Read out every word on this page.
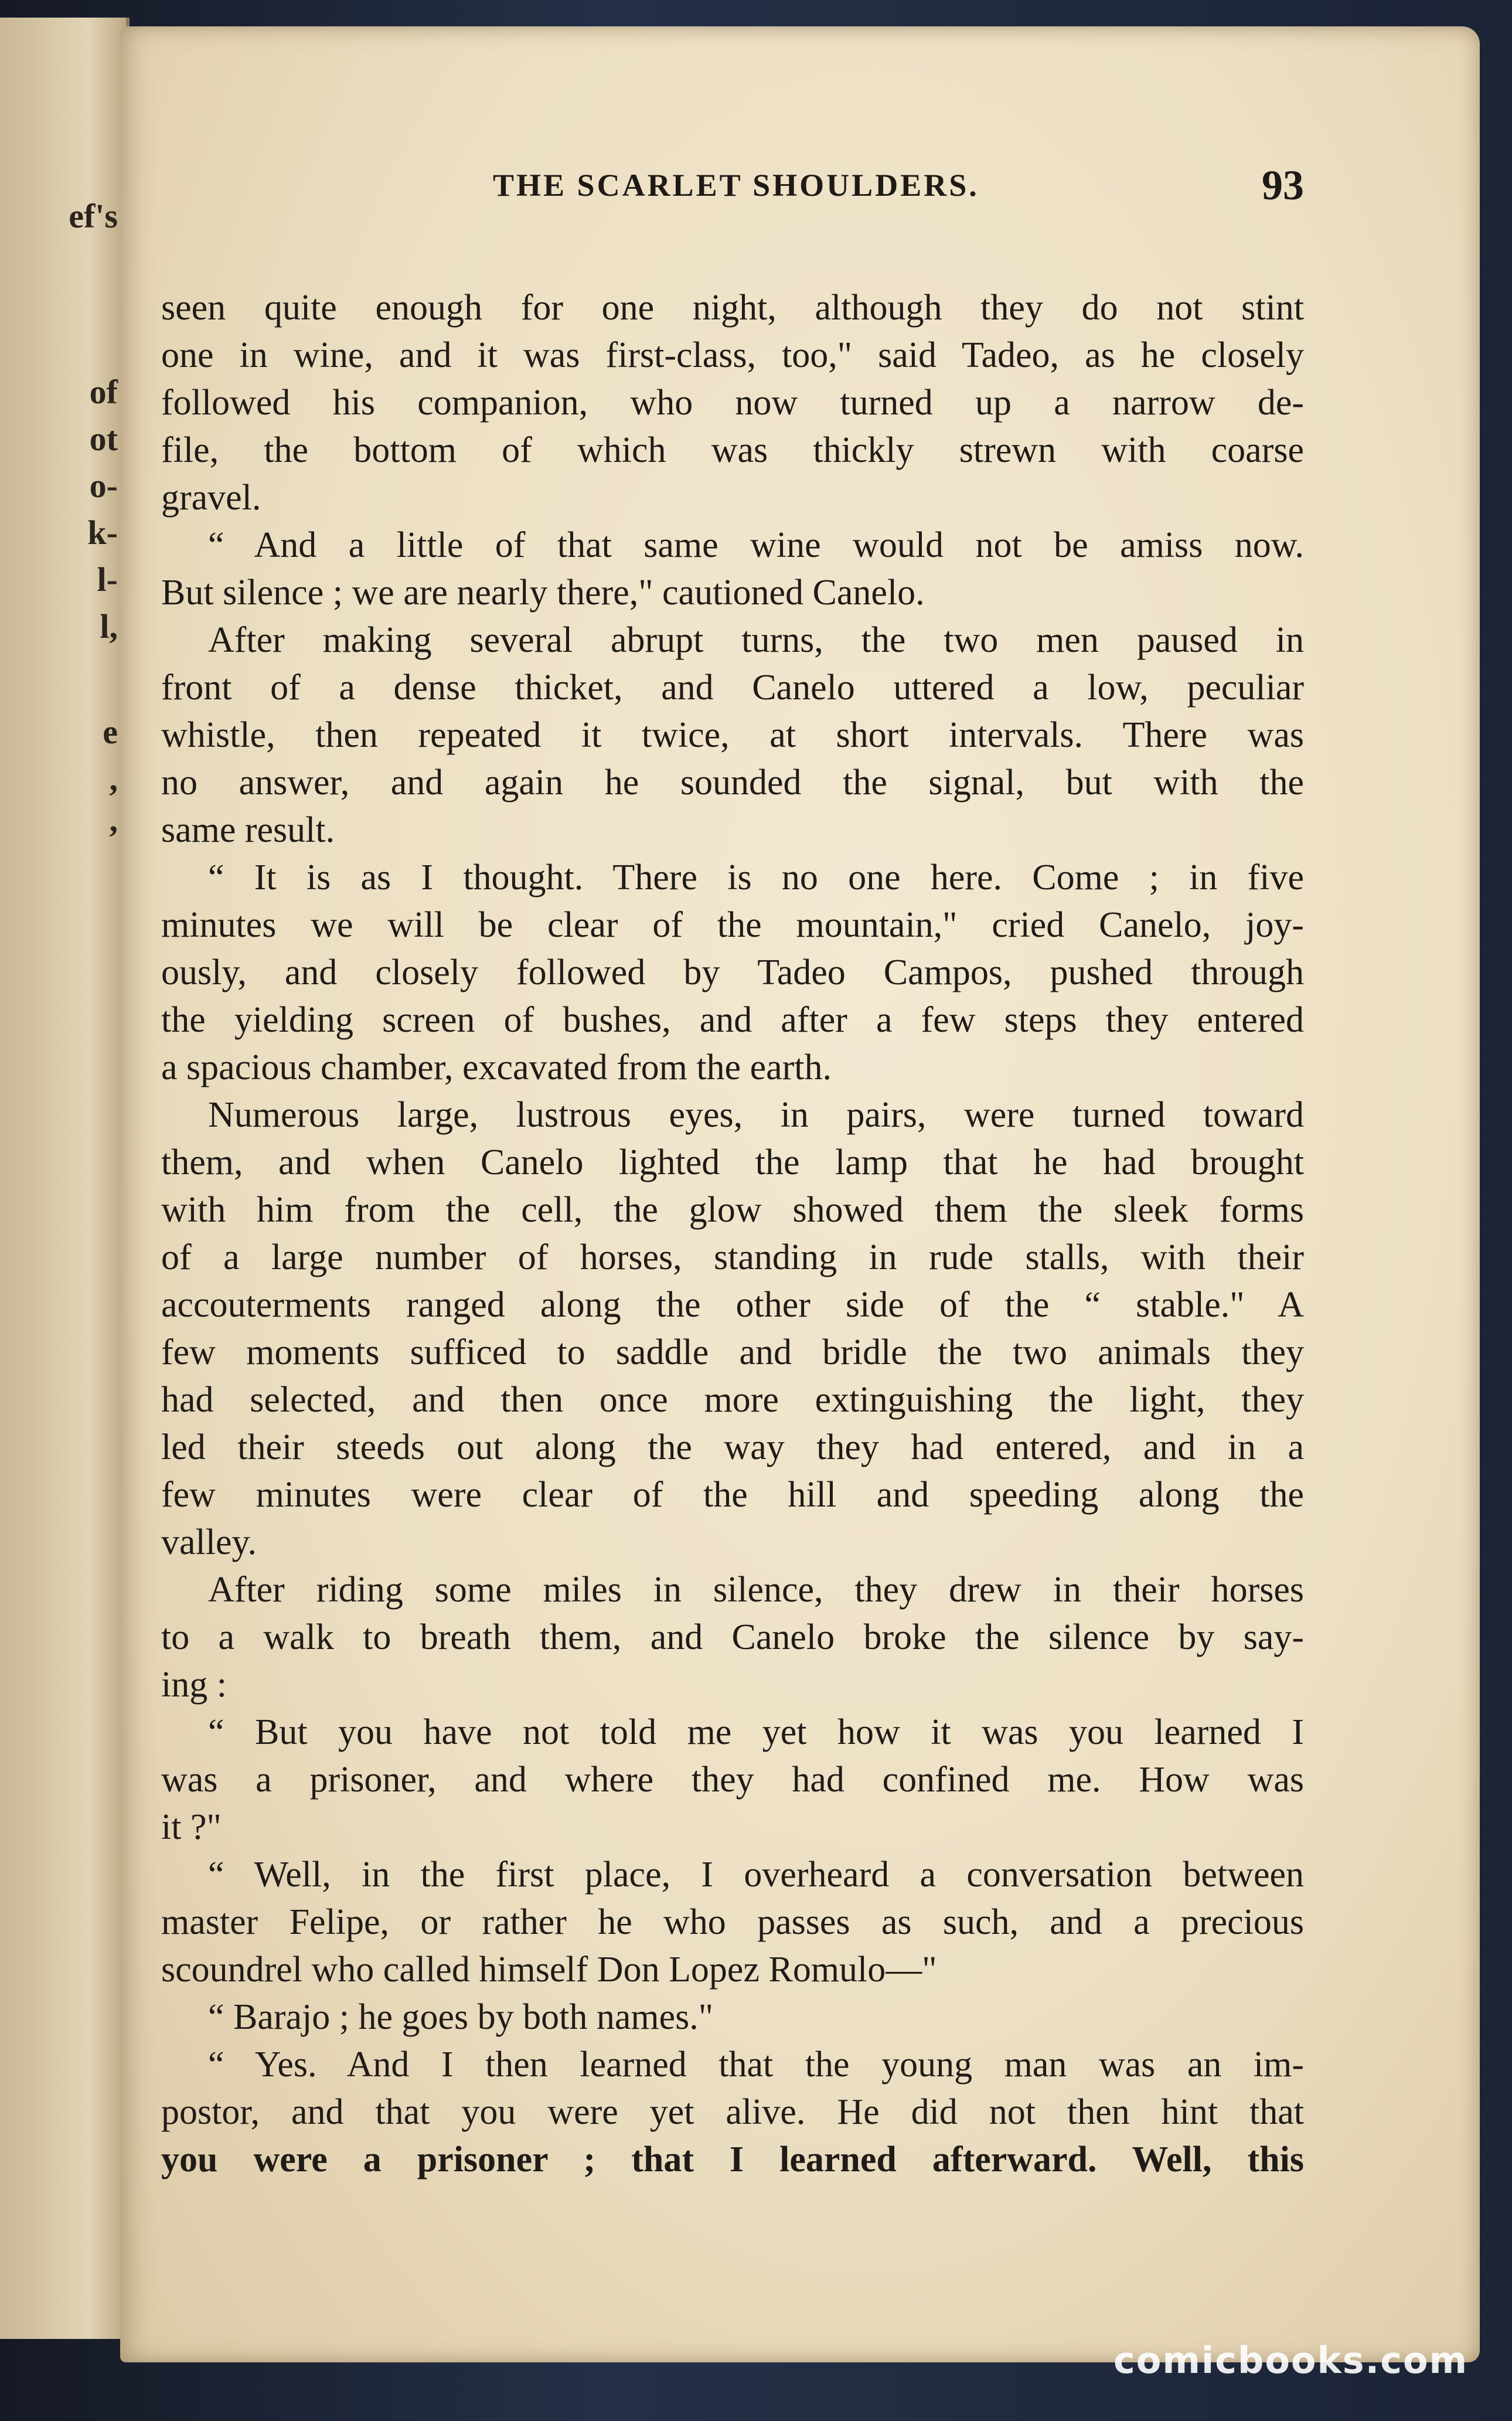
ef's
of
ot
o-
k-
l-
l,
e
,
,
THE SCARLET SHOULDERS.	93
seen quite enough for one night, although they do not stint
one in wine, and it was first-class, too," said Tadeo, as he closely
followed his companion, who now turned up a narrow de-
file, the bottom of which was thickly strewn with coarse
gravel.
“ And a little of that same wine would not be amiss now.
But silence ; we are nearly there," cautioned Canelo.
After making several abrupt turns, the two men paused in
front of a dense thicket, and Canelo uttered a low, peculiar
whistle, then repeated it twice, at short intervals. There was
no answer, and again he sounded the signal, but with the
same result.
“ It is as I thought. There is no one here. Come ; in five
minutes we will be clear of the mountain," cried Canelo, joy-
ously, and closely followed by Tadeo Campos, pushed through
the yielding screen of bushes, and after a few steps they entered
a spacious chamber, excavated from the earth.
Numerous large, lustrous eyes, in pairs, were turned toward
them, and when Canelo lighted the lamp that he had brought
with him from the cell, the glow showed them the sleek forms
of a large number of horses, standing in rude stalls, with their
accouterments ranged along the other side of the “ stable." A
few moments sufficed to saddle and bridle the two animals they
had selected, and then once more extinguishing the light, they
led their steeds out along the way they had entered, and in a
few minutes were clear of the hill and speeding along the
valley.
After riding some miles in silence, they drew in their horses
to a walk to breath them, and Canelo broke the silence by say-
ing :
“ But you have not told me yet how it was you learned I
was a prisoner, and where they had confined me. How was
it ?"
“ Well, in the first place, I overheard a conversation between
master Felipe, or rather he who passes as such, and a precious
scoundrel who called himself Don Lopez Romulo—"
“ Barajo ; he goes by both names."
“ Yes. And I then learned that the young man was an im-
postor, and that you were yet alive. He did not then hint that
you were a prisoner ; that I learned afterward. Well, this
comicbooks.com
